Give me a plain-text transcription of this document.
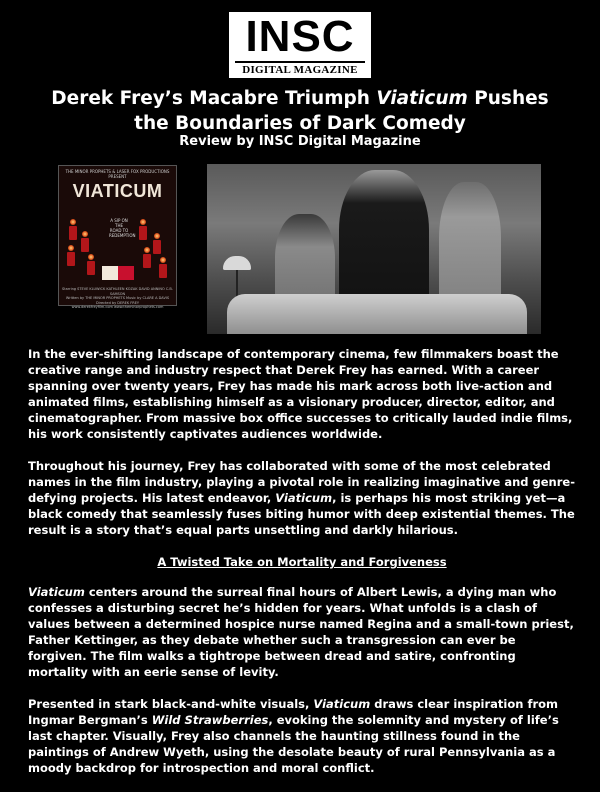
INSC
DIGITAL MAGAZINE
Derek Frey’s Macabre Triumph Viaticum Pushes
the Boundaries of Dark Comedy
Review by INSC Digital Magazine
THE MINOR PROPHETS & LASER FOX PRODUCTIONS PRESENT
VIATICUM
A SIP ON THE ROAD TO REDEMPTION
Starring STEVE KLUWICK KATHLEEN KOZAK DAVID ANNINO C.B. SAMSON
Written by THE MINOR PROPHETS Music by CLARE A DAVIS
Directed by DEREK FREY
www.derekfreyfilm.com www.theminorprophets.com

In the ever-shifting landscape of contemporary cinema, few filmmakers boast the creative range and industry respect that Derek Frey has earned. With a career spanning over twenty years, Frey has made his mark across both live-action and animated films, establishing himself as a visionary producer, director, editor, and cinematographer. From massive box office successes to critically lauded indie films, his work consistently captivates audiences worldwide.

Throughout his journey, Frey has collaborated with some of the most celebrated names in the film industry, playing a pivotal role in realizing imaginative and genre-defying projects. His latest endeavor, Viaticum, is perhaps his most striking yet—a black comedy that seamlessly fuses biting humor with deep existential themes. The result is a story that’s equal parts unsettling and darkly hilarious.

A Twisted Take on Mortality and Forgiveness

Viaticum centers around the surreal final hours of Albert Lewis, a dying man who confesses a disturbing secret he’s hidden for years. What unfolds is a clash of values between a determined hospice nurse named Regina and a small-town priest, Father Kettinger, as they debate whether such a transgression can ever be forgiven. The film walks a tightrope between dread and satire, confronting mortality with an eerie sense of levity.

Presented in stark black-and-white visuals, Viaticum draws clear inspiration from Ingmar Bergman’s Wild Strawberries, evoking the solemnity and mystery of life’s last chapter. Visually, Frey also channels the haunting stillness found in the paintings of Andrew Wyeth, using the desolate beauty of rural Pennsylvania as a moody backdrop for introspection and moral conflict.
